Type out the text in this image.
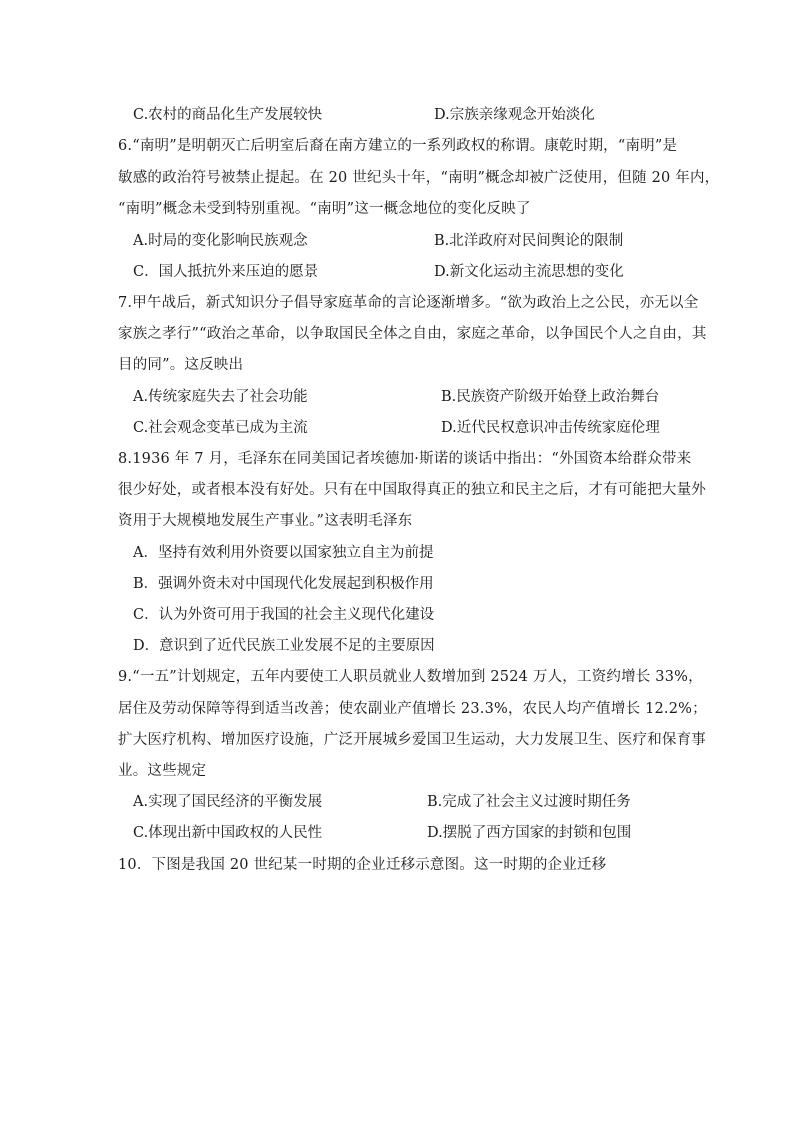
C.农村的商品化生产发展较快	D.宗族亲缘观念开始淡化
6.“南明”是明朝灭亡后明室后裔在南方建立的一系列政权的称谓。康乾时期，“南明”是
敏感的政治符号被禁止提起。在 20 世纪头十年，“南明”概念却被广泛使用，但随 20 年内，
“南明”概念未受到特别重视。“南明”这一概念地位的变化反映了
A.时局的变化影响民族观念	B.北洋政府对民间舆论的限制
C．国人抵抗外来压迫的愿景	D.新文化运动主流思想的变化
7.甲午战后，新式知识分子倡导家庭革命的言论逐渐增多。“欲为政治上之公民，亦无以全
家族之孝行”“政治之革命，以争取国民全体之自由，家庭之革命，以争国民个人之自由，其
目的同”。这反映出
A.传统家庭失去了社会功能	B.民族资产阶级开始登上政治舞台
C.社会观念变革已成为主流	D.近代民权意识冲击传统家庭伦理
8.1936 年 7 月，毛泽东在同美国记者埃德加·斯诺的谈话中指出：“外国资本给群众带来
很少好处，或者根本没有好处。只有在中国取得真正的独立和民主之后，才有可能把大量外
资用于大规模地发展生产事业。”这表明毛泽东
A．坚持有效利用外资要以国家独立自主为前提
B．强调外资未对中国现代化发展起到积极作用
C．认为外资可用于我国的社会主义现代化建设
D．意识到了近代民族工业发展不足的主要原因
9.“一五”计划规定，五年内要使工人职员就业人数增加到 2524 万人，工资约增长 33%，
居住及劳动保障等得到适当改善；使农副业产值增长 23.3%，农民人均产值增长 12.2%；
扩大医疗机构、增加医疗设施，广泛开展城乡爱国卫生运动，大力发展卫生、医疗和保育事
业。这些规定
A.实现了国民经济的平衡发展	B.完成了社会主义过渡时期任务
C.体现出新中国政权的人民性	D.摆脱了西方国家的封锁和包围
10．下图是我国 20 世纪某一时期的企业迁移示意图。这一时期的企业迁移
